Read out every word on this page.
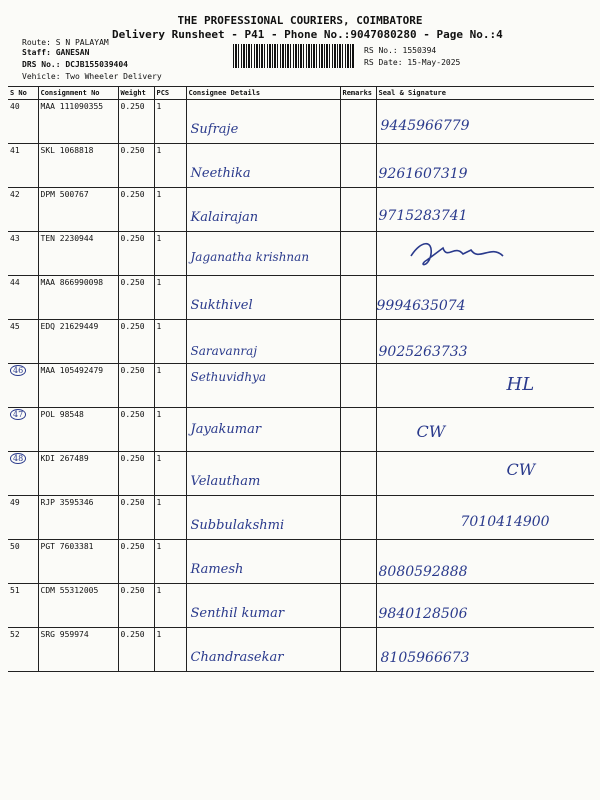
THE PROFESSIONAL COURIERS, COIMBATORE
Delivery Runsheet - P41 - Phone No.:9047080280 - Page No.:4
Route: S N PALAYAM
Staff: GANESAN
DRS No.: DCJB155039404
Vehicle: Two Wheeler Delivery
RS No.: 1550394
RS Date: 15-May-2025
S No	Consignment No	Weight	PCS	Consignee Details	Remarks	Seal & Signature
40	MAA 111090355	0.250	1	Sufraje		9445966779

41	SKL 1068818	0.250	1	Neethika		9261607319

42	DPM 500767	0.250	1	Kalairajan		9715283741

43	TEN 2230944	0.250	1	Jaganatha krishnan

44	MAA 866990098	0.250	1	Sukthivel		9994635074

45	EDQ 21629449	0.250	1	Saravanraj		9025263733

46	MAA 105492479	0.250	1	Sethuvidhya		HL

47	POL 98548	0.250	1	Jayakumar		CW

48	KDI 267489	0.250	1	Velautham		CW

49	RJP 3595346	0.250	1	Subbulakshmi		7010414900

50	PGT 7603381	0.250	1	Ramesh		8080592888

51	CDM 55312005	0.250	1	Senthil kumar		9840128506

52	SRG 959974	0.250	1	Chandrasekar		8105966673
